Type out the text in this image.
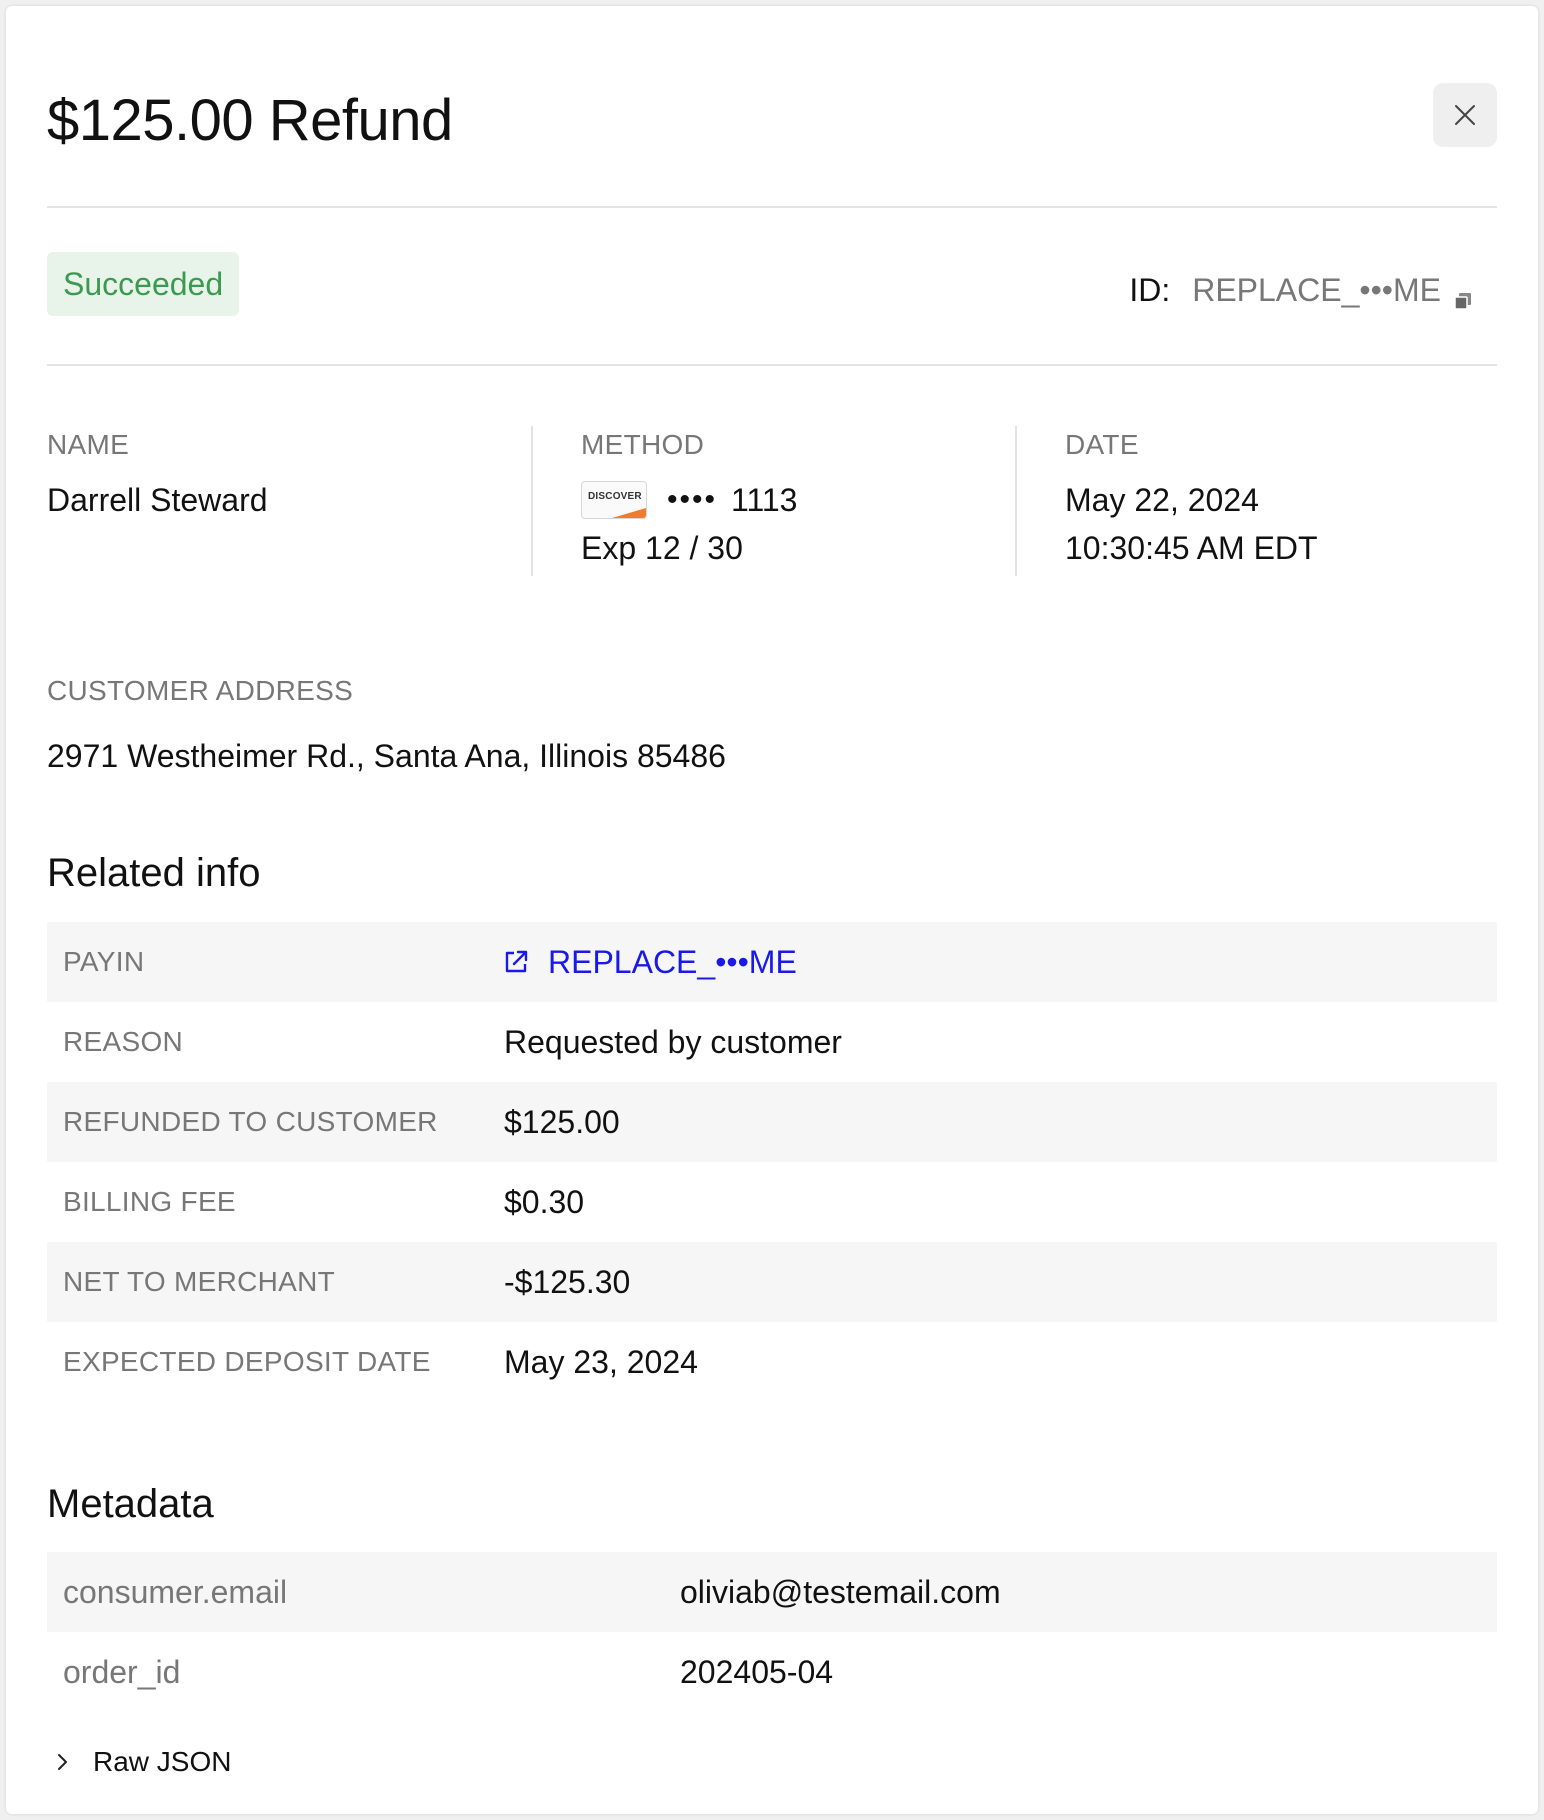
$125.00 Refund
Succeeded	ID: REPLACE_•••ME
NAME
Darrell Steward
METHOD
DISCOVER •••• 1113
Exp 12 / 30
DATE
May 22, 2024
10:30:45 AM EDT
CUSTOMER ADDRESS
2971 Westheimer Rd., Santa Ana, Illinois 85486
Related info
PAYIN	REPLACE_•••ME
REASON	Requested by customer
REFUNDED TO CUSTOMER $125.00
BILLING FEE	$0.30
NET TO MERCHANT	-$125.30
EXPECTED DEPOSIT DATE May 23, 2024
Metadata
consumer.email	oliviab@testemail.com
order_id	202405-04
Raw JSON
